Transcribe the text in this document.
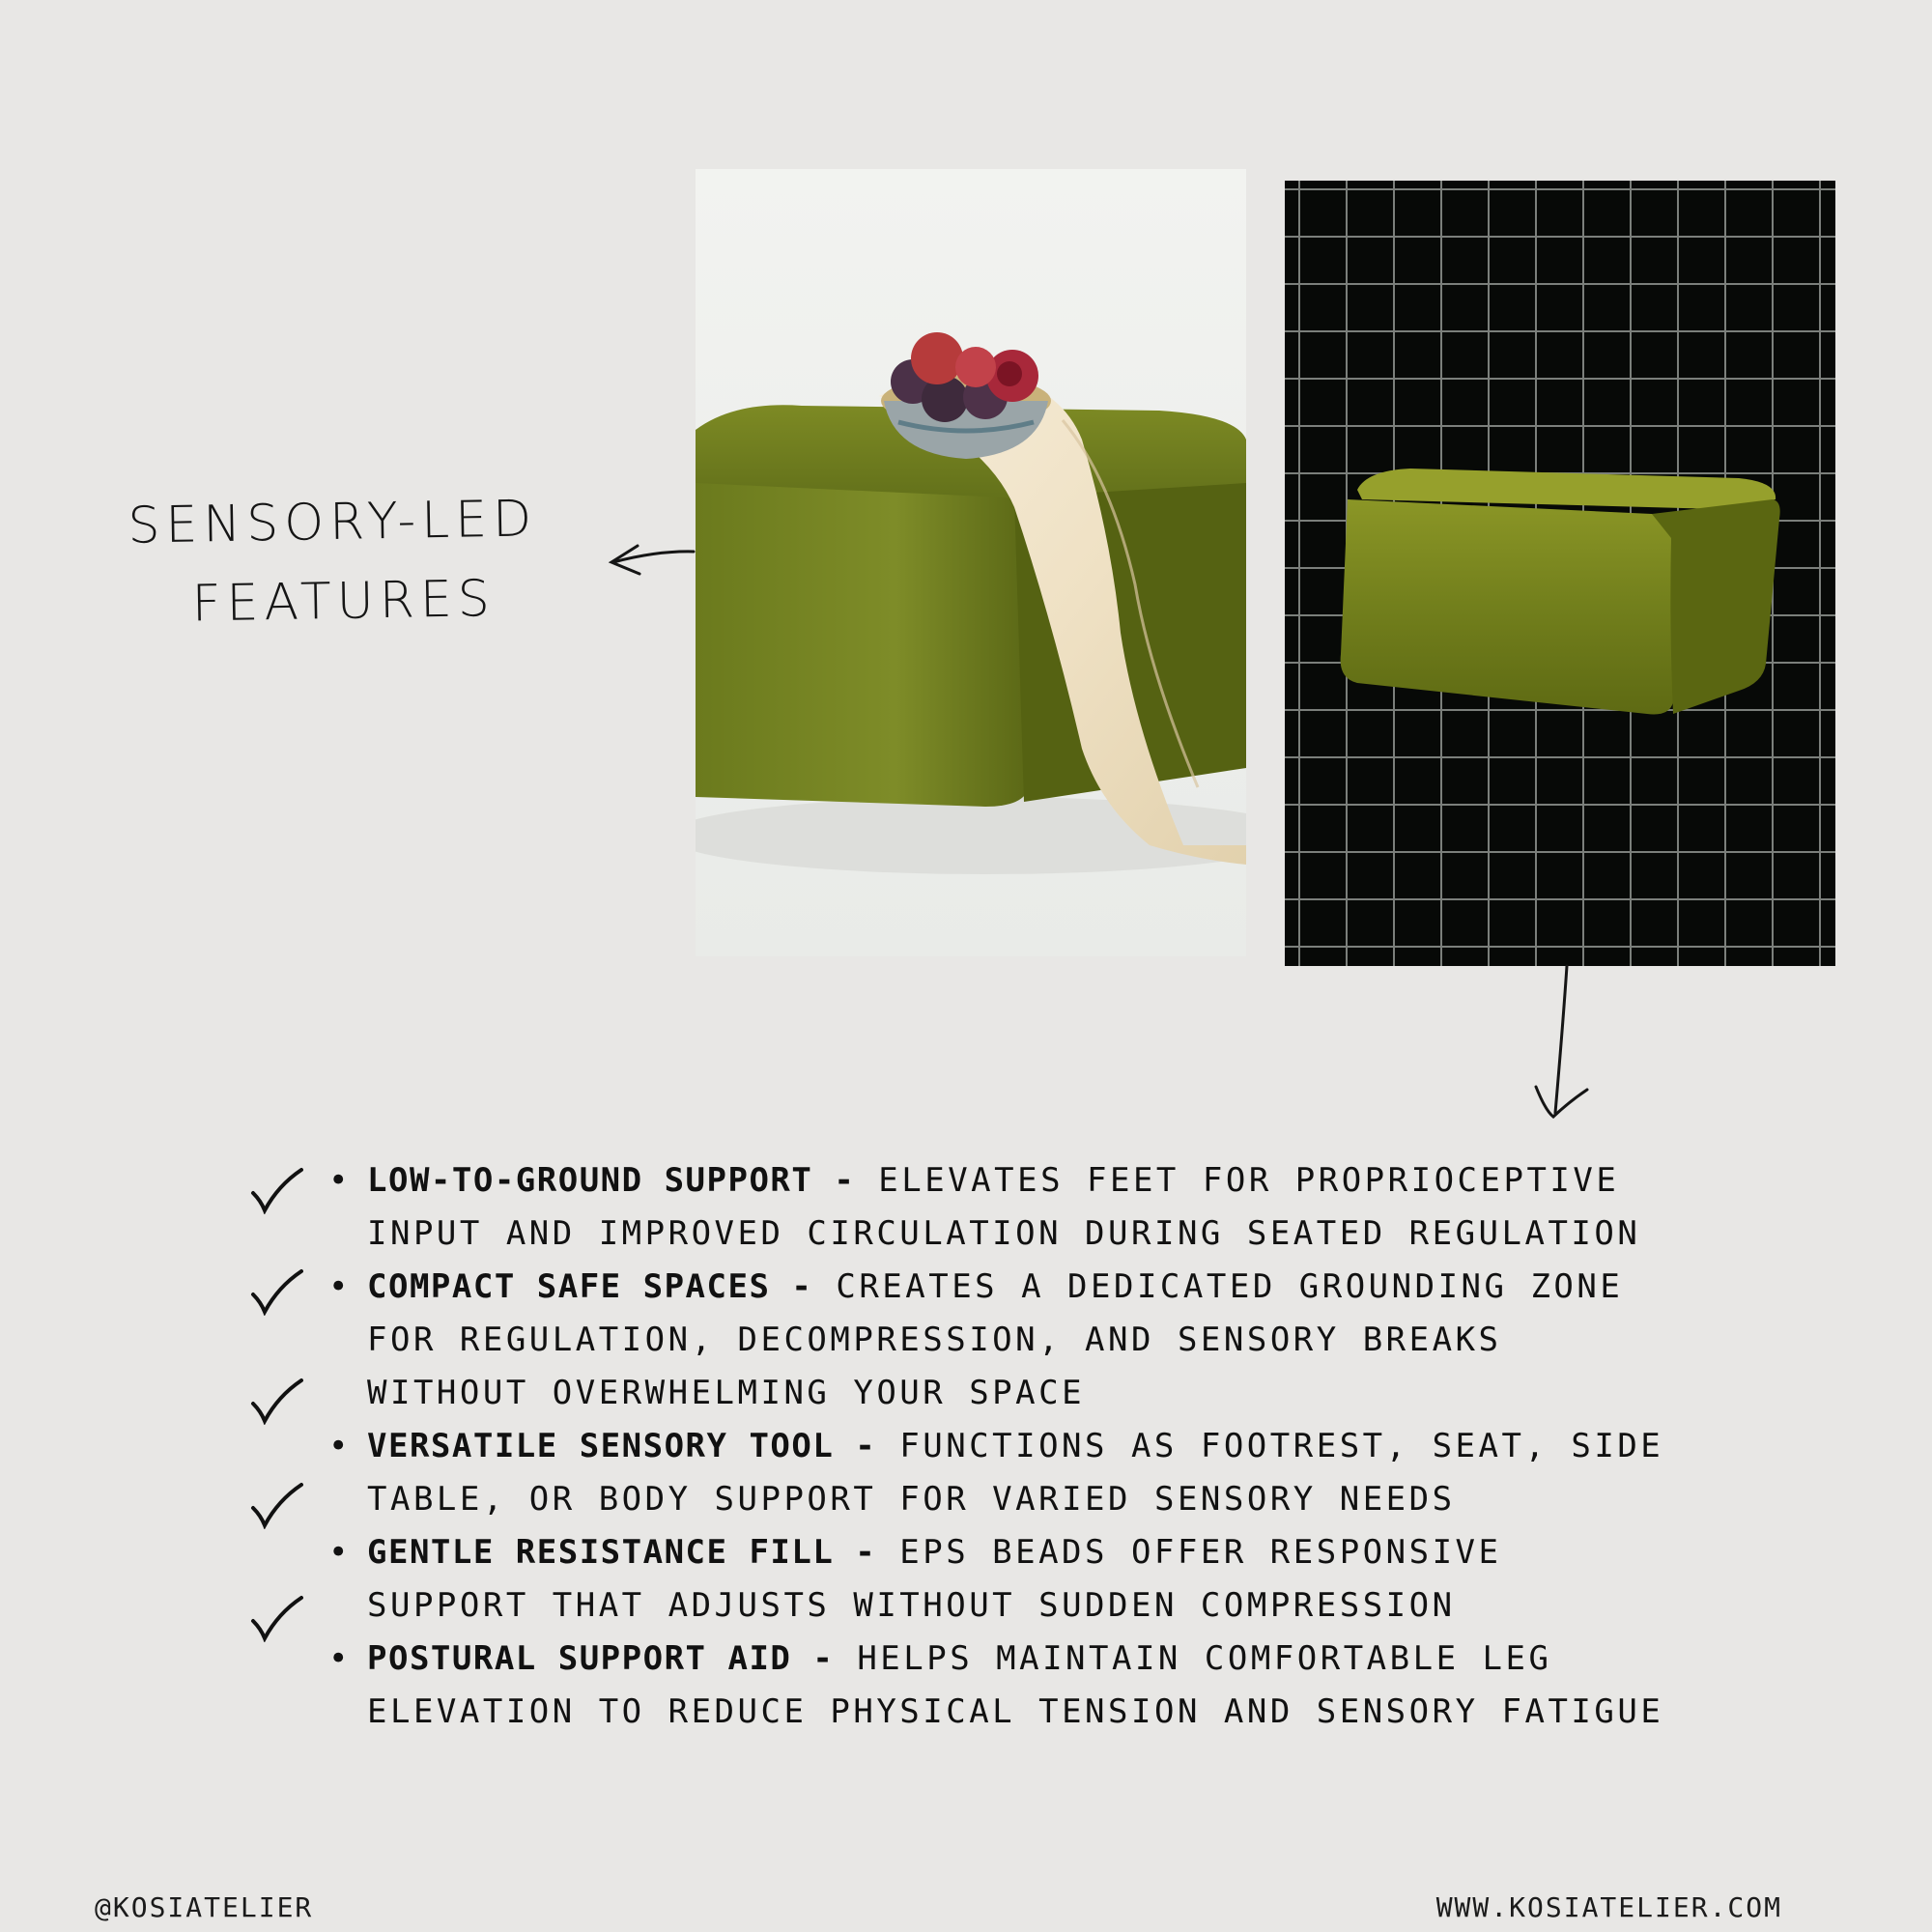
SENSORY-LED
FEATURES
• LOW-TO-GROUND SUPPORT - ELEVATES FEET FOR PROPRIOCEPTIVE INPUT AND IMPROVED CIRCULATION DURING SEATED REGULATION
• COMPACT SAFE SPACES - CREATES A DEDICATED GROUNDING ZONE FOR REGULATION, DECOMPRESSION, AND SENSORY BREAKS WITHOUT OVERWHELMING YOUR SPACE
• VERSATILE SENSORY TOOL - FUNCTIONS AS FOOTREST, SEAT, SIDE TABLE, OR BODY SUPPORT FOR VARIED SENSORY NEEDS
• GENTLE RESISTANCE FILL - EPS BEADS OFFER RESPONSIVE SUPPORT THAT ADJUSTS WITHOUT SUDDEN COMPRESSION
• POSTURAL SUPPORT AID - HELPS MAINTAIN COMFORTABLE LEG ELEVATION TO REDUCE PHYSICAL TENSION AND SENSORY FATIGUE
@KOSIATELIER	WWW.KOSIATELIER.COM
